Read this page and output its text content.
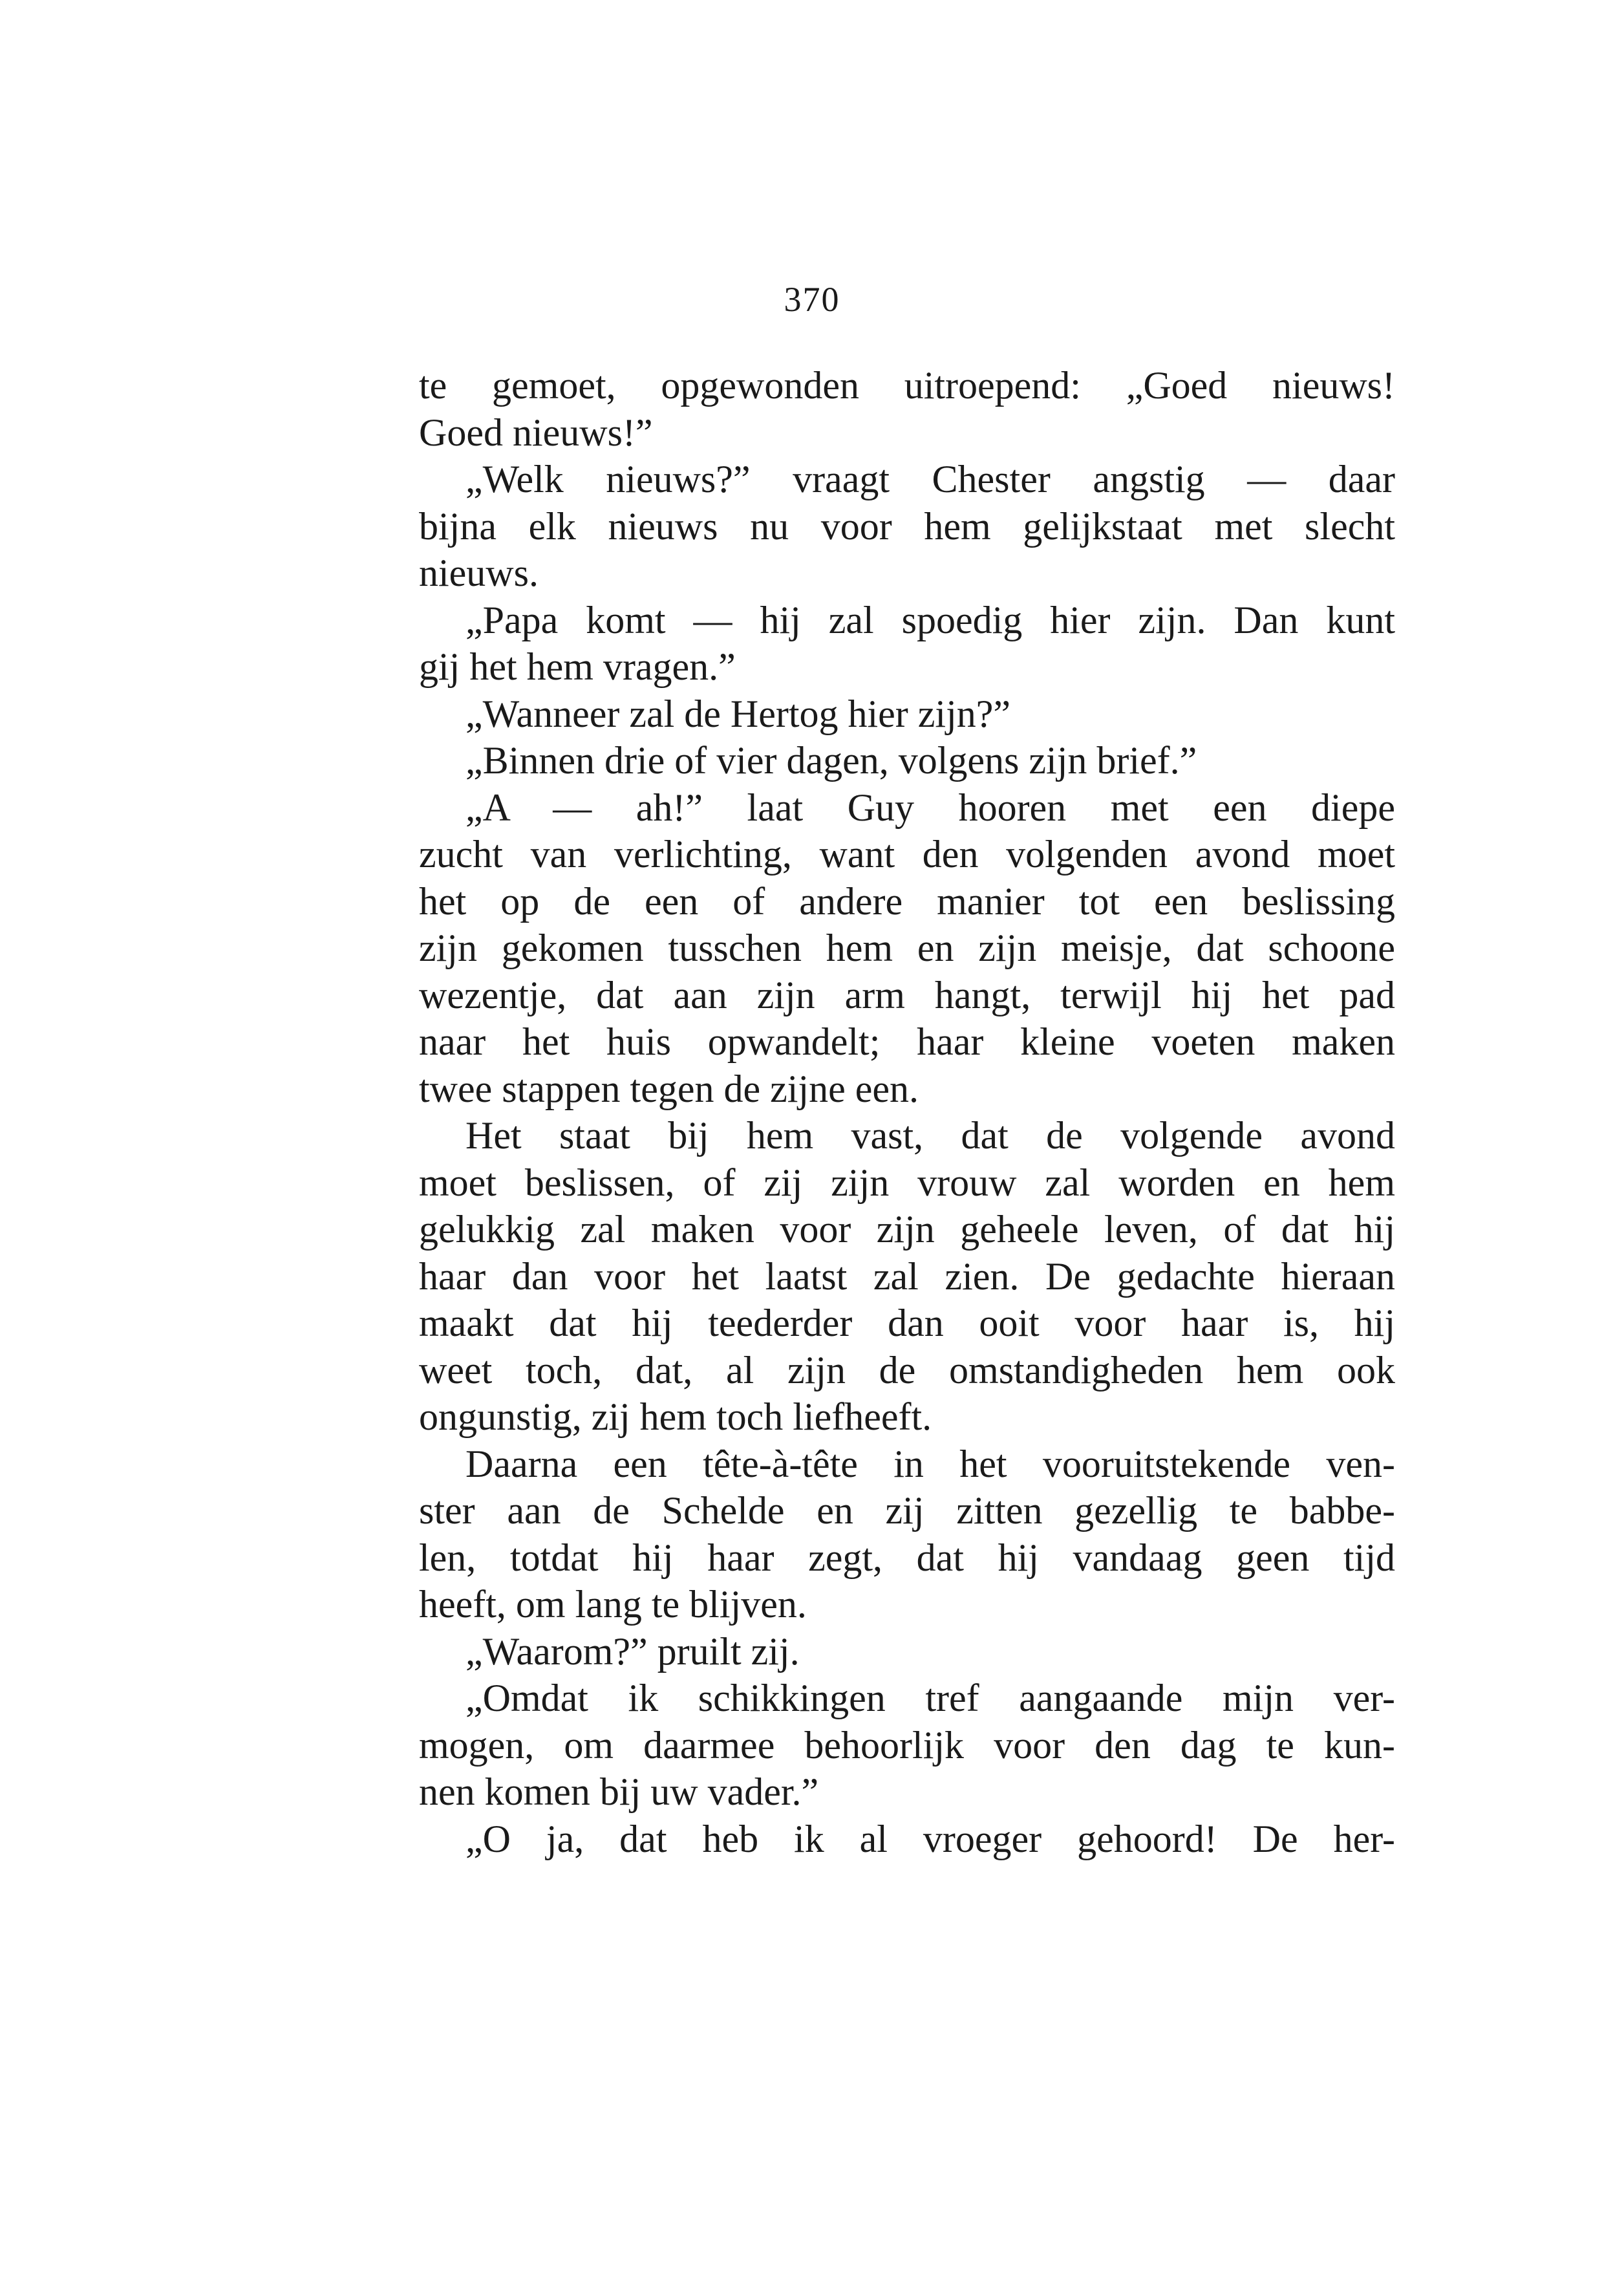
370
te gemoet, opgewonden uitroepend: „Goed nieuws!
Goed nieuws!”
„Welk nieuws?” vraagt Chester angstig — daar
bijna elk nieuws nu voor hem gelijkstaat met slecht
nieuws.
„Papa komt — hij zal spoedig hier zijn. Dan kunt
gij het hem vragen.”
„Wanneer zal de Hertog hier zijn?”
„Binnen drie of vier dagen, volgens zijn brief.”
„A — ah!” laat Guy hooren met een diepe
zucht van verlichting, want den volgenden avond moet
het op de een of andere manier tot een beslissing
zijn gekomen tusschen hem en zijn meisje, dat schoone
wezentje, dat aan zijn arm hangt, terwijl hij het pad
naar het huis opwandelt; haar kleine voeten maken
twee stappen tegen de zijne een.
Het staat bij hem vast, dat de volgende avond
moet beslissen, of zij zijn vrouw zal worden en hem
gelukkig zal maken voor zijn geheele leven, of dat hij
haar dan voor het laatst zal zien. De gedachte hieraan
maakt dat hij teederder dan ooit voor haar is, hij
weet toch, dat, al zijn de omstandigheden hem ook
ongunstig, zij hem toch liefheeft.
Daarna een tête-à-tête in het vooruitstekende ven-
ster aan de Schelde en zij zitten gezellig te babbe-
len, totdat hij haar zegt, dat hij vandaag geen tijd
heeft, om lang te blijven.
„Waarom?” pruilt zij.
„Omdat ik schikkingen tref aangaande mijn ver-
mogen, om daarmee behoorlijk voor den dag te kun-
nen komen bij uw vader.”
„O ja, dat heb ik al vroeger gehoord! De her-
